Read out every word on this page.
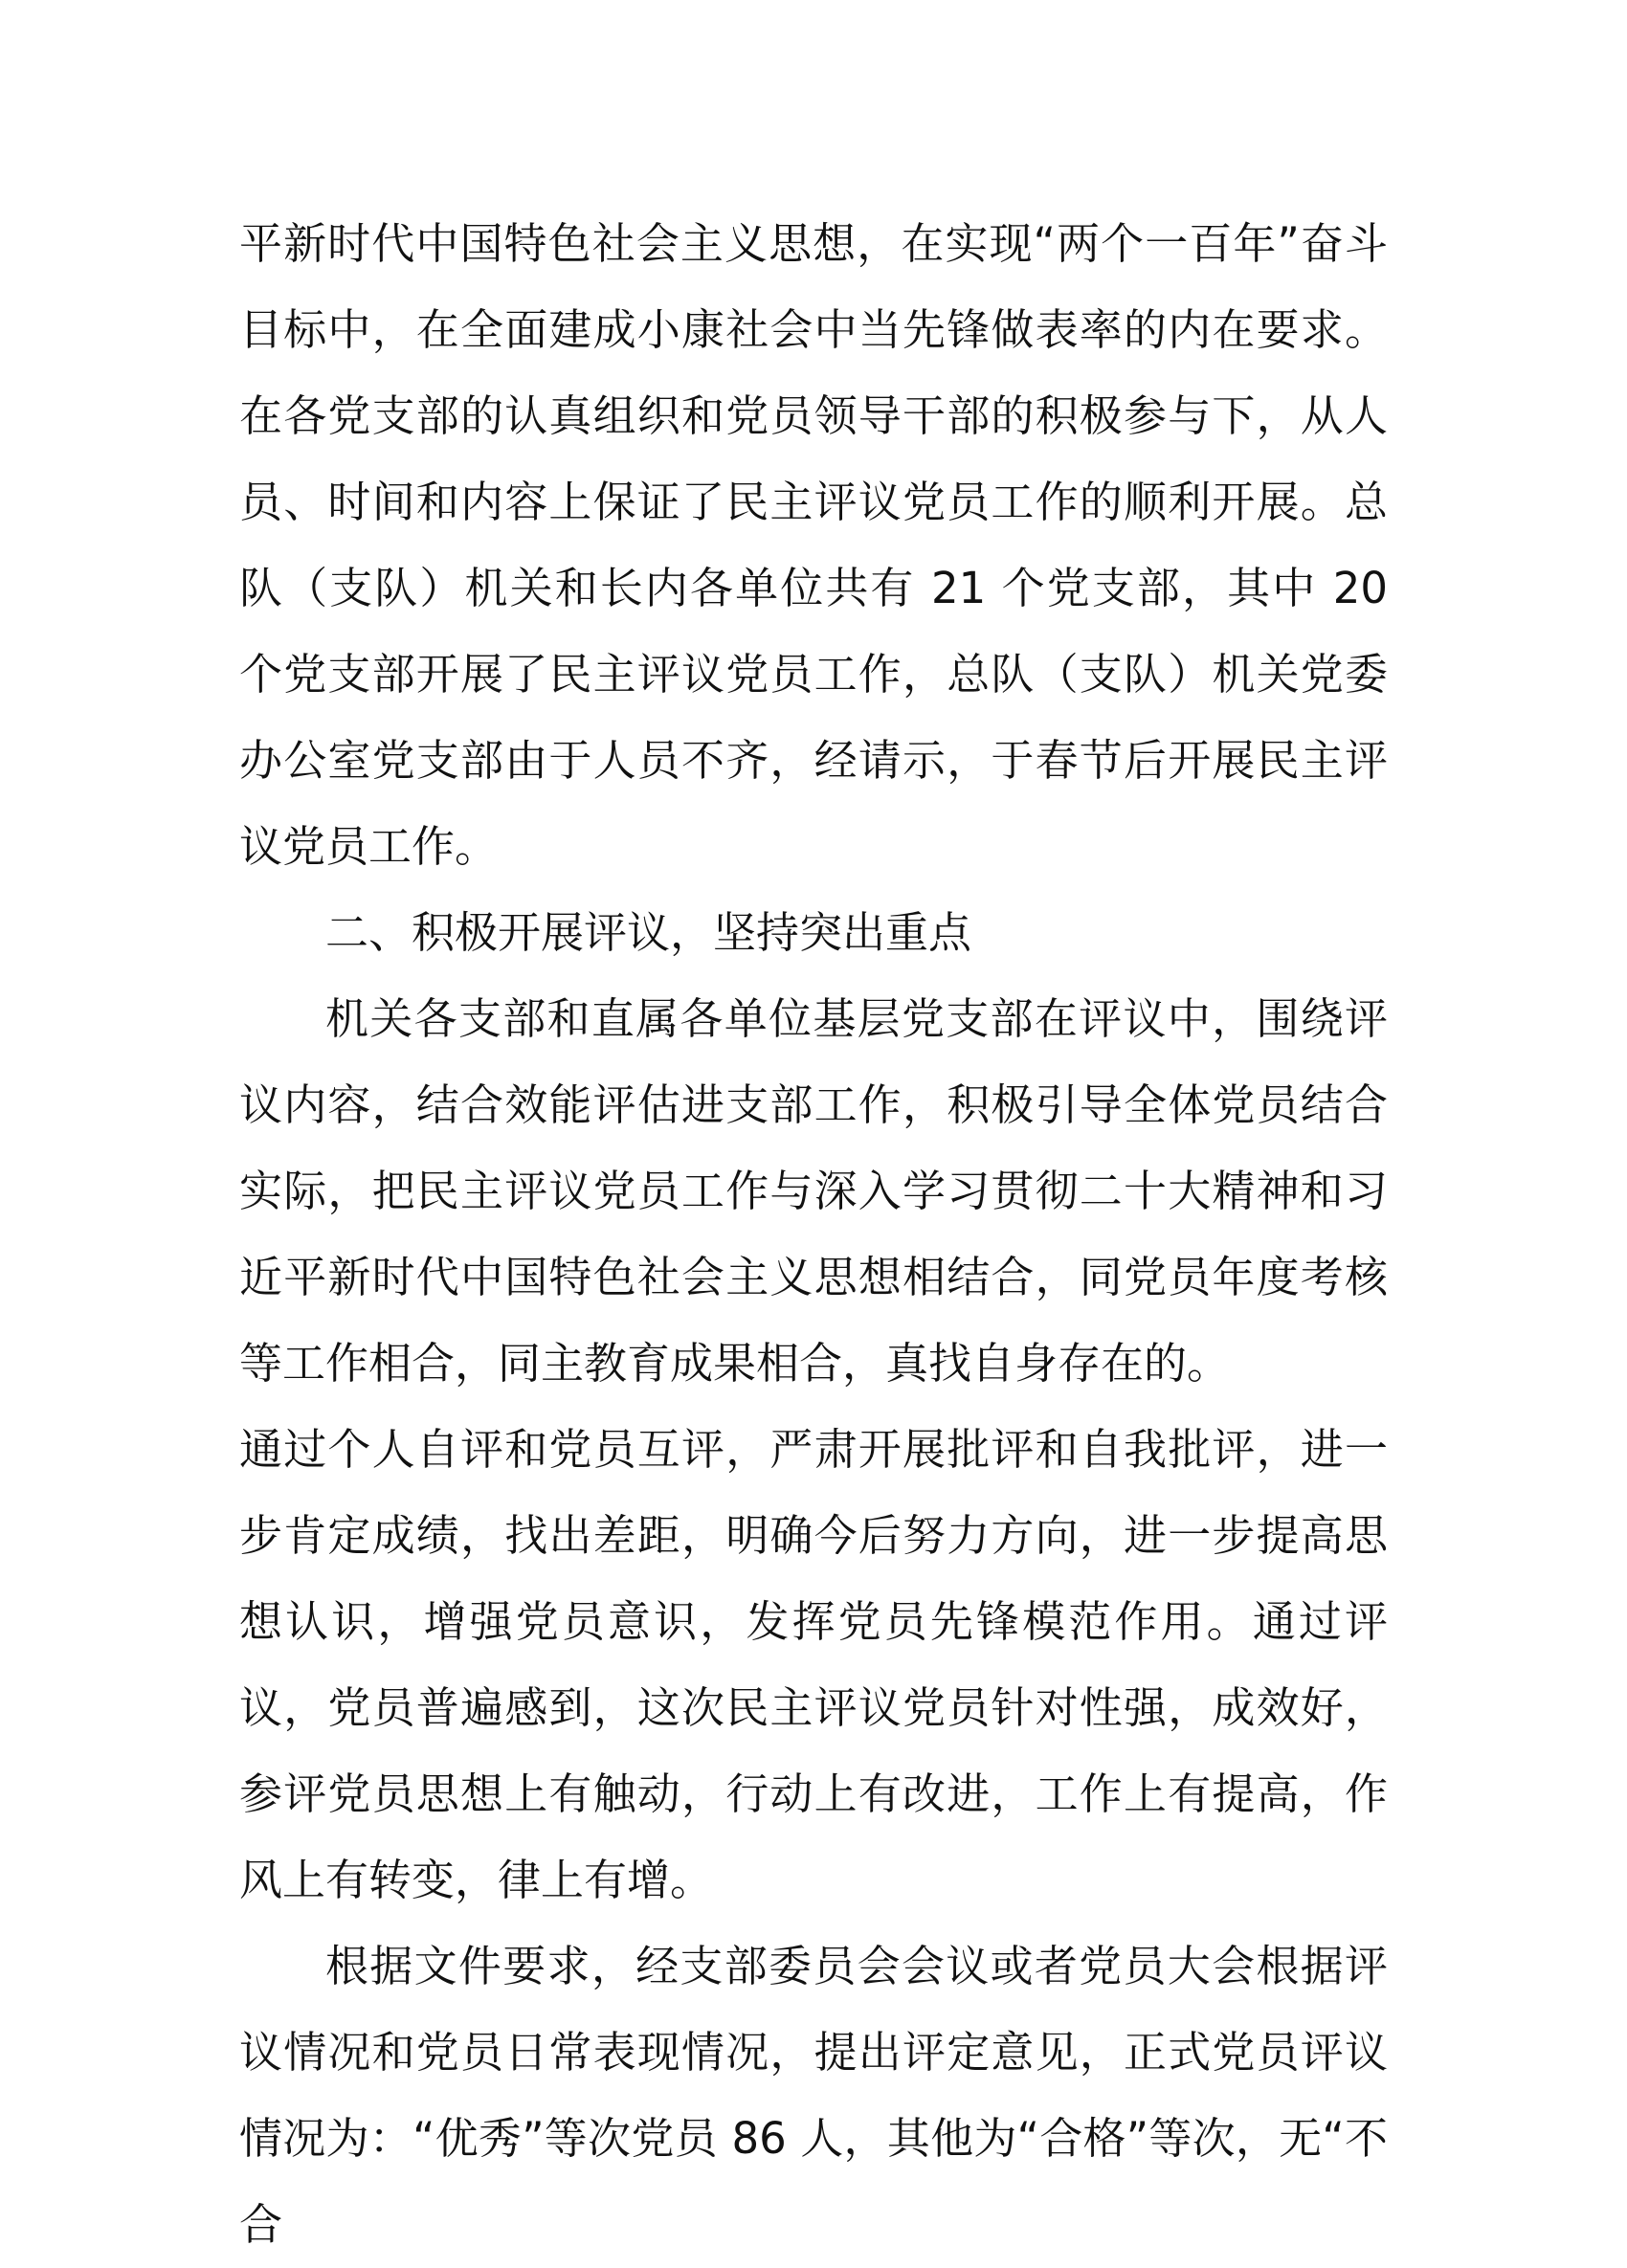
平新时代中国特色社会主义思想，在实现“两个一百年”奋斗目标中，在全面建成小康社会中当先锋做表率的内在要求。在各党支部的认真组织和党员领导干部的积极参与下，从人员、时间和内容上保证了民主评议党员工作的顺利开展。总队（支队）机关和长内各单位共有 21 个党支部，其中 20 个党支部开展了民主评议党员工作，总队（支队）机关党委办公室党支部由于人员不齐，经请示，于春节后开展民主评议党员工作。

二、积极开展评议，坚持突出重点

机关各支部和直属各单位基层党支部在评议中，围绕评议内容，结合效能评估进支部工作，积极引导全体党员结合实际，把民主评议党员工作与深入学习贯彻二十大精神和习近平新时代中国特色社会主义思想相结合，同党员年度考核等工作相合，同主教育成果相合，真找自身存在的。

通过个人自评和党员互评，严肃开展批评和自我批评，进一步肯定成绩，找出差距，明确今后努力方向，进一步提高思想认识，增强党员意识，发挥党员先锋模范作用。通过评议，党员普遍感到，这次民主评议党员针对性强，成效好，参评党员思想上有触动，行动上有改进，工作上有提高，作风上有转变，律上有增。

根据文件要求，经支部委员会会议或者党员大会根据评议情况和党员日常表现情况，提出评定意见，正式党员评议情况为：“优秀”等次党员 86 人，其他为“合格”等次，无“不合
